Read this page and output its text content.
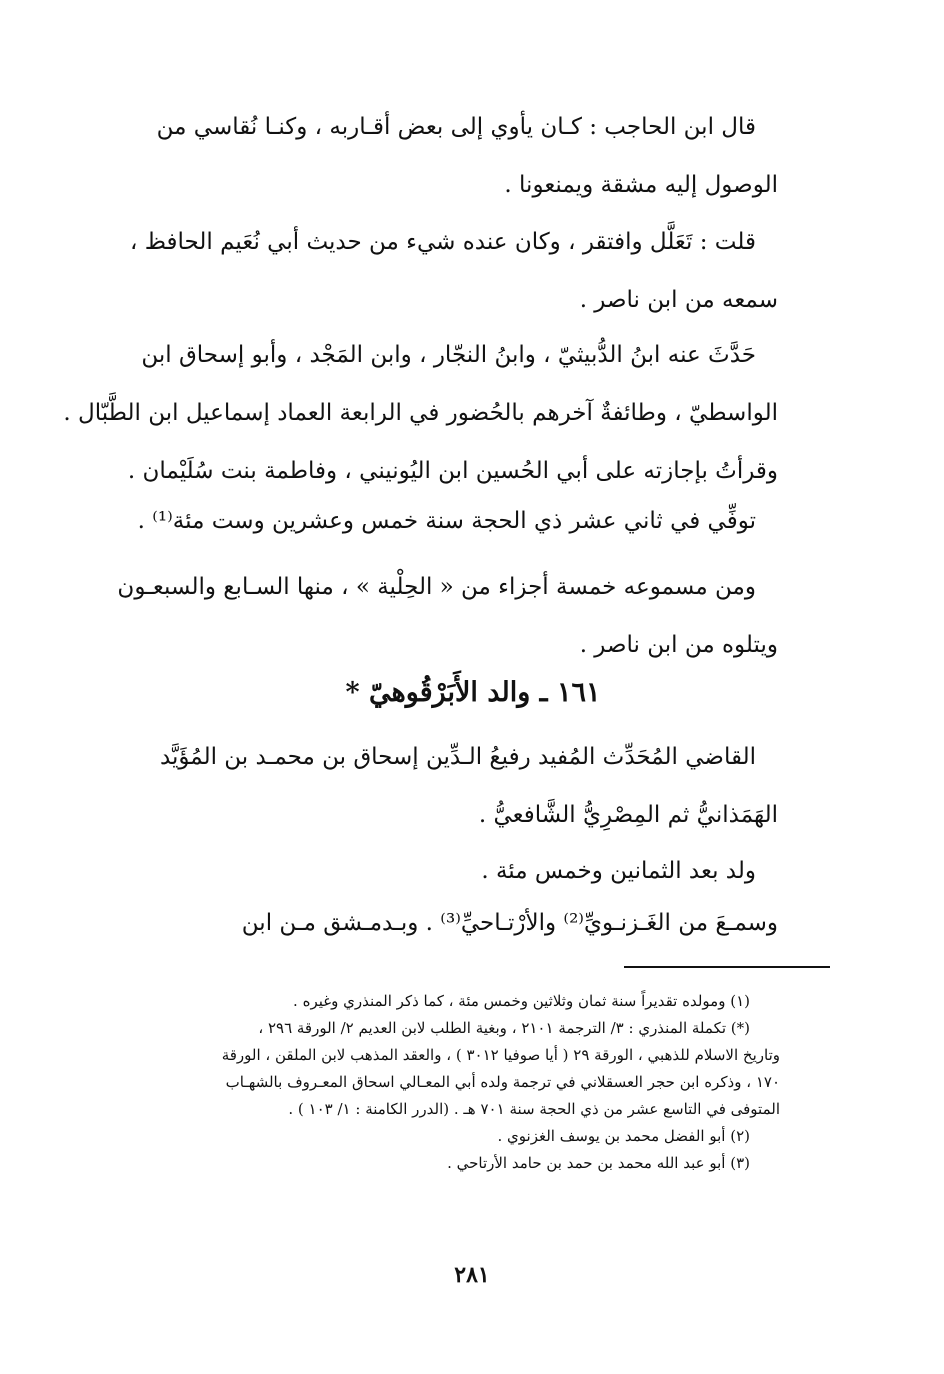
قال ابن الحاجب : كـان يأوي إلى بعض أقـاربه ، وكنـا نُقاسي من

الوصول إليه مشقة ويمنعونا .

قلت : تَعَلَّل وافتقر ، وكان عنده شيء من حديث أبي نُعَيم الحافظ ،

سمعه من ابن ناصر .

حَدَّثَ عنه ابنُ الدُّبيثيّ ، وابنُ النجّار ، وابن المَجْد ، وأبو إسحاق ابن

الواسطيّ ، وطائفةٌ آخرهم بالحُضور في الرابعة العماد إسماعيل ابن الطَّبّال .

وقرأتُ بإجازته على أبي الحُسين ابن اليُونيني ، وفاطمة بنت سُلَيْمان .

توفِّي في ثاني عشر ذي الحجة سنة خمس وعشرين وست مئة⁽¹⁾ .

ومن مسموعه خمسة أجزاء من « الحِلْية » ، منها السـابع والسبعـون

ويتلوه من ابن ناصر .

١٦١ ـ والد الأَبَرْقُوهيّ *

القاضي المُحَدِّث المُفيد رفيعُ الـدِّين إسحاق بن محمـد بن المُؤَيَّد

الهَمَذانيُّ ثم المِصْرِيُّ الشَّافعيُّ .

ولد بعد الثمانين وخمس مئة .

وسمـعَ من الغَـزنـويِّ⁽²⁾ والأرْتـاحيِّ⁽³⁾ . وبـدمـشق مـن ابن

(١) ومولده تقديراً سنة ثمان وثلاثين وخمس مئة ، كما ذكر المنذري وغيره .

(*) تكملة المنذري : ٣/ الترجمة ٢١٠١ ، وبغية الطلب لابن العديم ٢/ الورقة ٢٩٦ ،

وتاريخ الاسلام للذهبي ، الورقة ٢٩ ( أيا صوفيا ٣٠١٢ ) ، والعقد المذهب لابن الملقن ، الورقة

١٧٠ ، وذكره ابن حجر العسقلاني في ترجمة ولده أبي المعـالي اسحاق المعـروف بالشهـاب

المتوفى في التاسع عشر من ذي الحجة سنة ٧٠١ هـ . (الدرر الكامنة : ١/ ١٠٣ ) .

(٢) أبو الفضل محمد بن يوسف الغزنوي .

(٣) أبو عبد الله محمد بن حمد بن حامد الأرتاحي .

٢٨١
